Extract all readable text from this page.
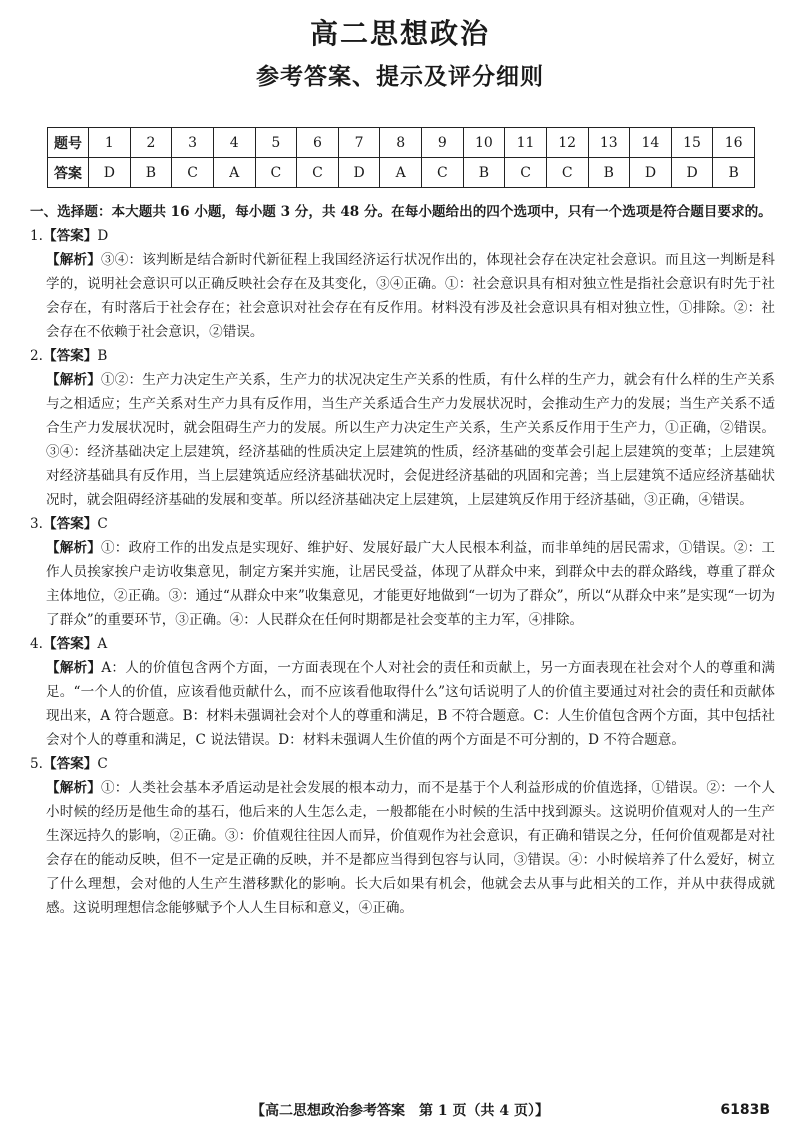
高二思想政治
参考答案、提示及评分细则
题号	1	2	3	4	5	6	7	8	9	10	11	12	13	14	15	16
答案	D	B	C	A	C	C	D	A	C	B	C	C	B	D	D	B

一、选择题：本大题共 16 小题，每小题 3 分，共 48 分。在每小题给出的四个选项中，只有一个选项是符合题目要求的。

1.【答案】D

【解析】③④：该判断是结合新时代新征程上我国经济运行状况作出的，体现社会存在决定社会意识。而且这一判断是科学的，说明社会意识可以正确反映社会存在及其变化，③④正确。①：社会意识具有相对独立性是指社会意识有时先于社会存在，有时落后于社会存在；社会意识对社会存在有反作用。材料没有涉及社会意识具有相对独立性，①排除。②：社会存在不依赖于社会意识，②错误。

2.【答案】B

【解析】①②：生产力决定生产关系，生产力的状况决定生产关系的性质，有什么样的生产力，就会有什么样的生产关系与之相适应；生产关系对生产力具有反作用，当生产关系适合生产力发展状况时，会推动生产力的发展；当生产关系不适合生产力发展状况时，就会阻碍生产力的发展。所以生产力决定生产关系，生产关系反作用于生产力，①正确，②错误。③④：经济基础决定上层建筑，经济基础的性质决定上层建筑的性质，经济基础的变革会引起上层建筑的变革；上层建筑对经济基础具有反作用，当上层建筑适应经济基础状况时，会促进经济基础的巩固和完善；当上层建筑不适应经济基础状况时，就会阻碍经济基础的发展和变革。所以经济基础决定上层建筑，上层建筑反作用于经济基础，③正确，④错误。

3.【答案】C

【解析】①：政府工作的出发点是实现好、维护好、发展好最广大人民根本利益，而非单纯的居民需求，①错误。②：工作人员挨家挨户走访收集意见，制定方案并实施，让居民受益，体现了从群众中来，到群众中去的群众路线，尊重了群众主体地位，②正确。③：通过“从群众中来”收集意见，才能更好地做到“一切为了群众”，所以“从群众中来”是实现“一切为了群众”的重要环节，③正确。④：人民群众在任何时期都是社会变革的主力军，④排除。

4.【答案】A

【解析】A：人的价值包含两个方面，一方面表现在个人对社会的责任和贡献上，另一方面表现在社会对个人的尊重和满足。“一个人的价值，应该看他贡献什么，而不应该看他取得什么”这句话说明了人的价值主要通过对社会的责任和贡献体现出来，A 符合题意。B：材料未强调社会对个人的尊重和满足，B 不符合题意。C：人生价值包含两个方面，其中包括社会对个人的尊重和满足，C 说法错误。D：材料未强调人生价值的两个方面是不可分割的，D 不符合题意。

5.【答案】C

【解析】①：人类社会基本矛盾运动是社会发展的根本动力，而不是基于个人利益形成的价值选择，①错误。②：一个人小时候的经历是他生命的基石，他后来的人生怎么走，一般都能在小时候的生活中找到源头。这说明价值观对人的一生产生深远持久的影响，②正确。③：价值观往往因人而异，价值观作为社会意识，有正确和错误之分，任何价值观都是对社会存在的能动反映，但不一定是正确的反映，并不是都应当得到包容与认同，③错误。④：小时候培养了什么爱好，树立了什么理想，会对他的人生产生潜移默化的影响。长大后如果有机会，他就会去从事与此相关的工作，并从中获得成就感。这说明理想信念能够赋予个人人生目标和意义，④正确。

【高二思想政治参考答案　第 1 页（共 4 页）】	6183B
